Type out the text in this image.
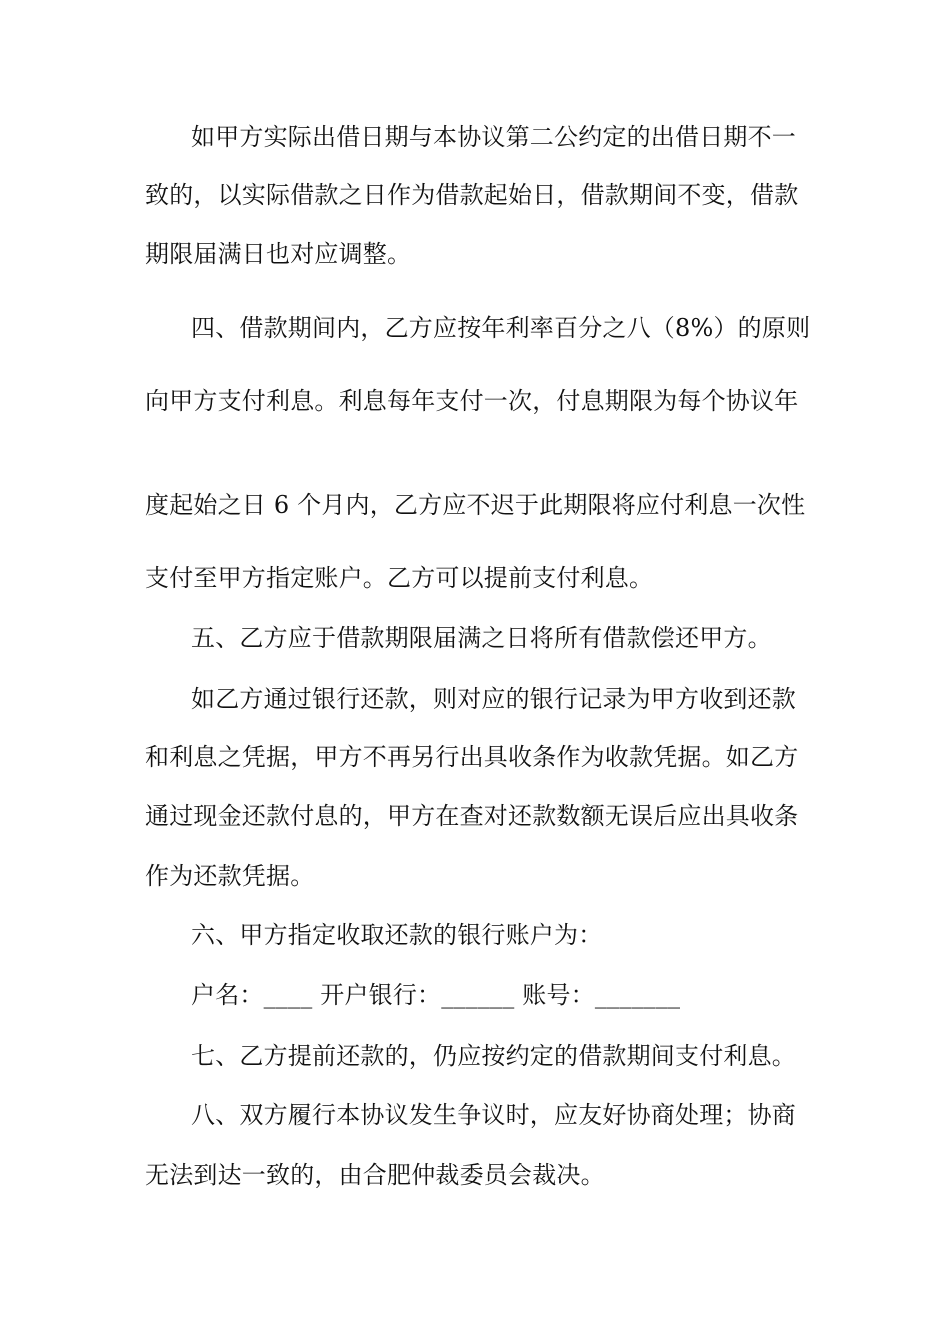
如甲方实际出借日期与本协议第二公约定的出借日期不一
致的，以实际借款之日作为借款起始日，借款期间不变，借款
期限届满日也对应调整。
四、借款期间内，乙方应按年利率百分之八（8%）的原则
向甲方支付利息。利息每年支付一次，付息期限为每个协议年
度起始之日 6 个月内，乙方应不迟于此期限将应付利息一次性
支付至甲方指定账户。乙方可以提前支付利息。
五、乙方应于借款期限届满之日将所有借款偿还甲方。
如乙方通过银行还款，则对应的银行记录为甲方收到还款
和利息之凭据，甲方不再另行出具收条作为收款凭据。如乙方
通过现金还款付息的，甲方在查对还款数额无误后应出具收条
作为还款凭据。
六、甲方指定收取还款的银行账户为：
户名：____ 开户银行：______ 账号：_______
七、乙方提前还款的，仍应按约定的借款期间支付利息。
八、双方履行本协议发生争议时，应友好协商处理；协商
无法到达一致的，由合肥仲裁委员会裁决。
